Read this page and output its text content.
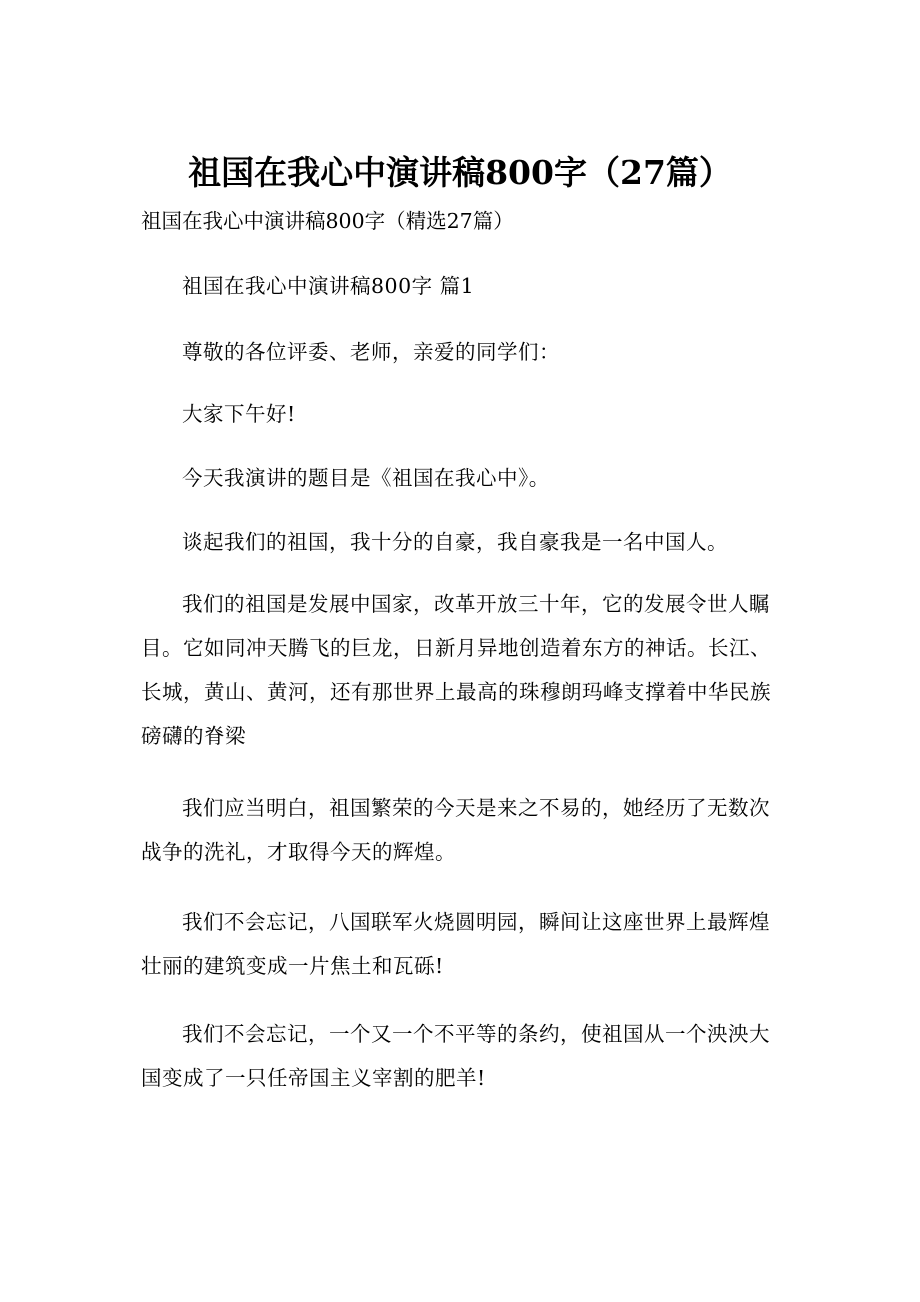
祖国在我心中演讲稿800字（27篇）
祖国在我心中演讲稿800字（精选27篇）
祖国在我心中演讲稿800字 篇1
尊敬的各位评委、老师，亲爱的同学们：
大家下午好!
今天我演讲的题目是《祖国在我心中》。
谈起我们的祖国，我十分的自豪，我自豪我是一名中国人。
我们的祖国是发展中国家，改革开放三十年，它的发展令世人瞩目。它如同冲天腾飞的巨龙，日新月异地创造着东方的神话。长江、长城，黄山、黄河，还有那世界上最高的珠穆朗玛峰支撑着中华民族磅礴的脊梁
我们应当明白，祖国繁荣的今天是来之不易的，她经历了无数次战争的洗礼，才取得今天的辉煌。
我们不会忘记，八国联军火烧圆明园，瞬间让这座世界上最辉煌壮丽的建筑变成一片焦土和瓦砾!
我们不会忘记，一个又一个不平等的条约，使祖国从一个泱泱大国变成了一只任帝国主义宰割的肥羊!
